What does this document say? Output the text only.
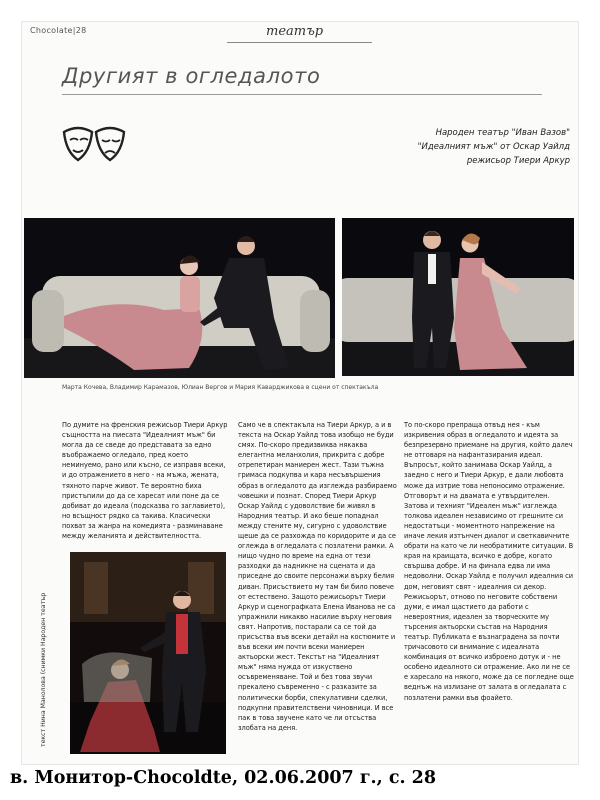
Chocolate|28	театър
Другият в огледалото
Народен театър "Иван Вазов"
"Идеалният мъж" от Оскар Уайлд
режисьор Тиери Аркур
Мартa Кочева, Владимир Карамазов, Юлиан Вергов и Мария Каварджикова в сцени от спектакъла
текст Нина Манолова (снимки Народен театър

По думите на френския режисьор Тиери Аркур същността на пиесата "Идеалният мъж" би могла да се сведе до представата за едно въображаемо огледало, пред което неминуемо, рано или късно, се изправя всеки, и до отражението в него - на мъжа, жената, тяхното парче живот. Те вероятно биха пристъпили до да се харесат или поне да се добиват до идеала (подсказва го заглавието), но всъщност рядко са такива. Класически похват за жанра на комедията - разминаване между желанията и действителността.

Само че в спектакъла на Тиери Аркур, а и в текста на Оскар Уайлд това изобщо не буди смях. По-скоро предизвиква някаква елегантна меланхолия, прикрита с добре отрепетиран маниерен жест. Тази тъжна гримаса подкупва и кара несъвършения образ в огледалото да изглежда разбираемо човешки и познат. Според Тиери Аркур Оскар Уайлд с удоволствие би живял в Народния театър. И ако беше попаднал между стените му, сигурно с удоволствие щеше да се разхожда по коридорите и да се оглежда в огледалата с позлатени рамки. А нищо чудно по време на една от тези разходки да надникне на сцената и да приседне до своите персонажи върху белия диван. Присъствието му там би било повече от естествено. Защото режисьорът Тиери Аркур и сценографката Елена Иванова не са упражнили никакво насилие върху неговия свят. Напротив, постарали са се той да присъства във всеки детайл на костюмите и във всеки им почти всеки маниерен актьорски жест. Текстът на "Идеалният мъж" няма нужда от изкуствено осъвременяване. Той и без това звучи прекалено съвременно - с разказите за политически борби, спекулативни сделки, подкупни правителствени чиновници. И все пак в това звучене като че ли отсъства злобата на деня.

То по-скоро препраща отвъд нея - към изкривения образ в огледалото и идеята за безпрезервно приемане на другия, който далеч не отговаря на нафантазирания идеал. Въпросът, който занимава Оскар Уайлд, а заедно с него и Тиери Аркур, е дали любовта може да изтрие това непоносимо отражение. Отговорът и на двамата е утвърдителен. Затова и техният "Идеален мъж" изглежда толкова идеален независимо от грешните си недостатъци - моментното напрежение на иначе лекия изтънчен диалог и светкавичните обрати на като че ли необратимите ситуации. В края на краищата, всичко е добре, когато свършва добре. И на финала едва ли има недоволни. Оскар Уайлд е получил идеалния си дом, неговият свят - идеалния си декор. Режисьорът, отново по неговите собствени думи, е имал щастието да работи с невероятния, идеален за творческите му търсения актьорски състав на Народния театър. Публиката е възнаградена за почти тричасовото си внимание с идеалната комбинация от всичко изброено дотук и - не особено идеалното си отражение. Ако ли не се е харесало на някого, може да се погледне още веднъж на излизане от залата в огледалата с позлатени рамки във фоайето.

в. Монитор-Chocoldte, 02.06.2007 г., с. 28
